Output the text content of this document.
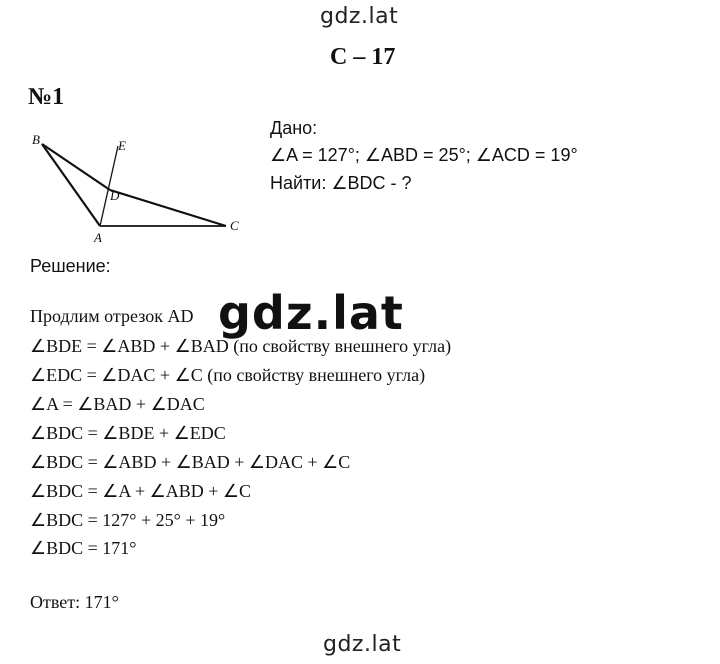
gdz.lat
С – 17
№1
B	E
D
A
C
Дано:
∠A = 127°; ∠ABD = 25°; ∠ACD = 19°
Найти: ∠BDC - ?
Решение:
gdz.lat
Продлим отрезок AD
∠BDE = ∠ABD + ∠BAD (по свойству внешнего угла)
∠EDC = ∠DAC + ∠C (по свойству внешнего угла)
∠A = ∠BAD + ∠DAC
∠BDC = ∠BDE + ∠EDC
∠BDC = ∠ABD + ∠BAD + ∠DAC + ∠C
∠BDC = ∠A + ∠ABD + ∠C
∠BDC = 127° + 25° + 19°
∠BDC = 171°
Ответ: 171°
gdz.lat
